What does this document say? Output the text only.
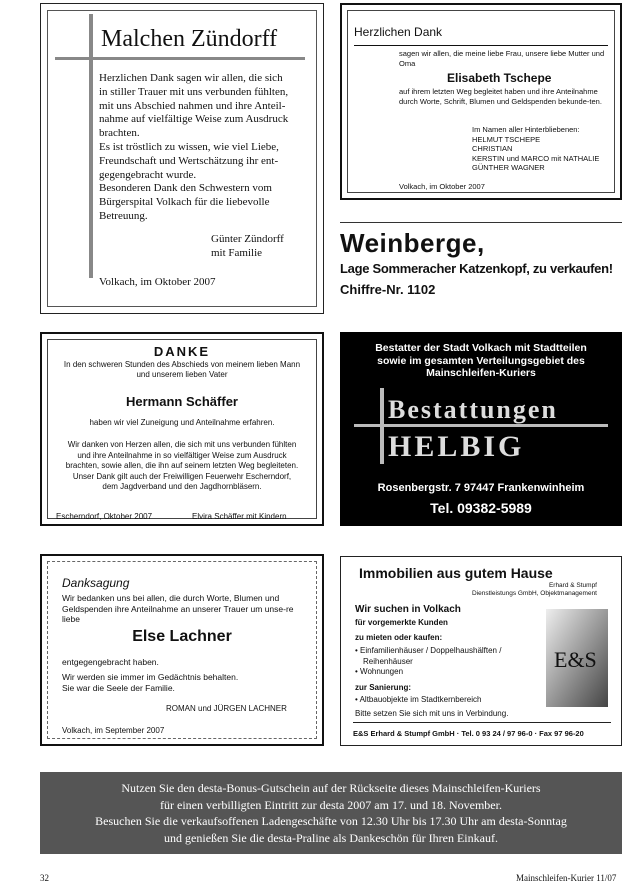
Malchen Zündorff
Herzlichen Dank sagen wir allen, die sich
in stiller Trauer mit uns verbunden fühlten,
mit uns Abschied nahmen und ihre Anteil-
nahme auf vielfältige Weise zum Ausdruck
brachten.
Es ist tröstlich zu wissen, wie viel Liebe,
Freundschaft und Wertschätzung ihr ent-
gegengebracht wurde.
Besonderen Dank den Schwestern vom
Bürgerspital Volkach für die liebevolle
Betreuung.
Günter Zündorff
mit Familie
Volkach, im Oktober 2007
Herzlichen Dank
sagen wir allen, die meine liebe Frau, unsere liebe Mutter und Oma
Elisabeth Tschepe
auf ihrem letzten Weg begleitet haben und ihre Anteilnahme durch Worte, Schrift, Blumen und Geldspenden bekunde-ten.
Im Namen aller Hinterbliebenen:
HELMUT TSCHEPE
CHRISTIAN
KERSTIN und MARCO mit NATHALIE
GÜNTHER WAGNER
Volkach, im Oktober 2007
Weinberge,
Lage Sommeracher Katzenkopf, zu verkaufen!
Chiffre-Nr. 1102
DANKE
In den schweren Stunden des Abschieds von meinem lieben Mann
und unserem lieben Vater
Hermann Schäffer
haben wir viel Zuneigung und Anteilnahme erfahren.
Wir danken von Herzen allen, die sich mit uns verbunden fühlten
und ihre Anteilnahme in so vielfältiger Weise zum Ausdruck
brachten, sowie allen, die ihn auf seinem letzten Weg begleiteten.
Unser Dank gilt auch der Freiwilligen Feuerwehr Escherndorf,
dem Jagdverband und den Jagdhornbläsern.
Escherndorf, Oktober 2007	Elvira Schäffer mit Kindern
Bestatter der Stadt Volkach mit Stadtteilen
sowie im gesamten Verteilungsgebiet des
Mainschleifen-Kuriers
Bestattungen
HELBIG
Rosenbergstr. 7 97447 Frankenwinheim
Tel. 09382-5989
Danksagung
Wir bedanken uns bei allen, die durch Worte, Blumen und Geldspenden ihre Anteilnahme an unserer Trauer um unse-re liebe
Else Lachner
entgegengebracht haben.
Wir werden sie immer im Gedächtnis behalten.
Sie war die Seele der Familie.
ROMAN und JÜRGEN LACHNER
Volkach, im September 2007
Immobilien aus gutem Hause
Erhard & Stumpf
Dienstleistungs GmbH, Objektmanagement
Wir suchen in Volkach
für vorgemerkte Kunden
zu mieten oder kaufen:
• Einfamilienhäuser / Doppelhaushälften /
Reihenhäuser
• Wohnungen
zur Sanierung:
• Altbauobjekte im Stadtkernbereich
Bitte setzen Sie sich mit uns in Verbindung.
E&S
E&S Erhard & Stumpf GmbH · Tel. 0 93 24 / 97 96-0 · Fax 97 96-20
Nutzen Sie den desta-Bonus-Gutschein auf der Rückseite dieses Mainschleifen-Kuriers
für einen verbilligten Eintritt zur desta 2007 am 17. und 18. November.
Besuchen Sie die verkaufsoffenen Ladengeschäfte von 12.30 Uhr bis 17.30 Uhr am desta-Sonntag
und genießen Sie die desta-Praline als Dankeschön für Ihren Einkauf.
32	Mainschleifen-Kurier 11/07
